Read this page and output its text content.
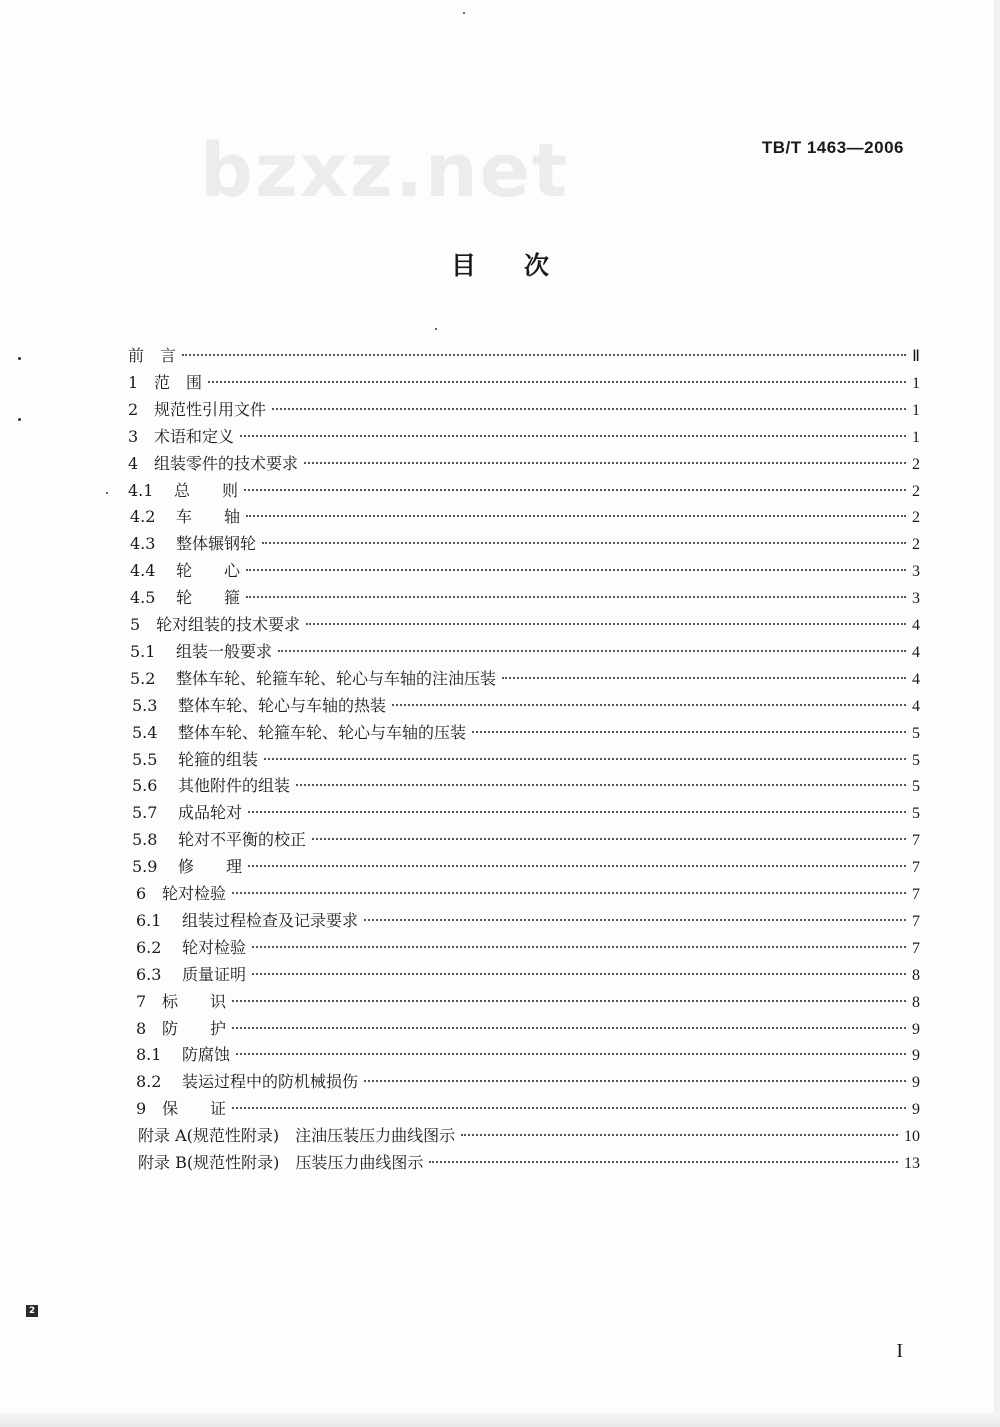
bzxz.net	TB/T 1463—2006
目次
前　言	Ⅱ
1 范　围	1
2 规范性引用文件	1
3 术语和定义	1
4 组装零件的技术要求	2
4.1	总　　则	2
4.2	车　　轴	2
4.3	整体辗钢轮	2
4.4	轮　　心	3
4.5	轮　　箍	3
5 轮对组装的技术要求	4
5.1	组装一般要求	4
5.2	整体车轮、轮箍车轮、轮心与车轴的注油压装	4
5.3	整体车轮、轮心与车轴的热装	4
5.4	整体车轮、轮箍车轮、轮心与车轴的压装	5
5.5	轮箍的组装	5
5.6	其他附件的组装	5
5.7	成品轮对	5
5.8	轮对不平衡的校正	7
5.9	修　　理	7
6 轮对检验	7
6.1	组装过程检查及记录要求	7
6.2	轮对检验	7
6.3	质量证明	8
7 标　　识	8
8 防　　护	9
8.1	防腐蚀	9
8.2	装运过程中的防机械损伤	9
9 保　　证	9
附录 A(规范性附录)　注油压装压力曲线图示	10
附录 B(规范性附录)　压装压力曲线图示	13
2
I
